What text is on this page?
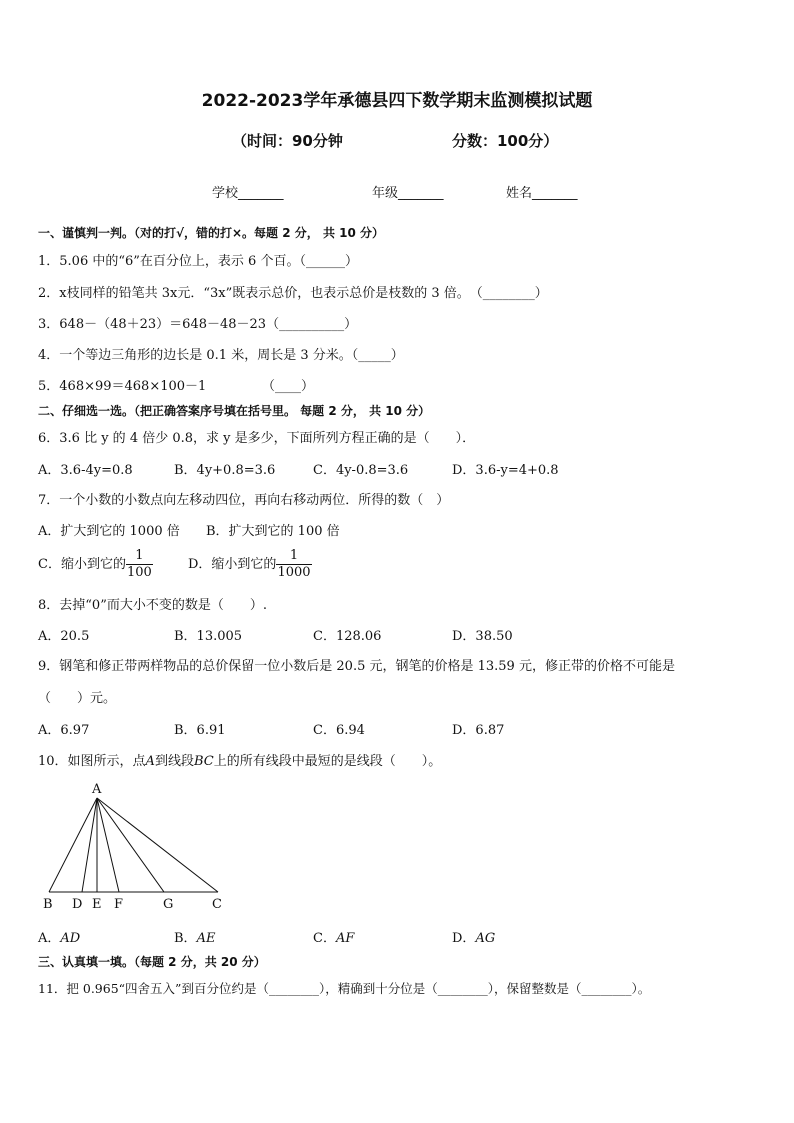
2022-2023学年承德县四下数学期末监测模拟试题
（时间：90分钟	分数：100分）
学校_______	年级_______	姓名_______
一、谨慎判一判。（对的打√，错的打×。每题 2 分， 共 10 分）
1．5.06 中的“6”在百分位上，表示 6 个百。（______）
2．x枝同样的铅笔共 3x元．“3x”既表示总价，也表示总价是枝数的 3 倍。　（________）
3．648－（48＋23）＝648－48－23（__________）
4．一个等边三角形的边长是 0.1 米，周长是 3 分米。（_____）
5．468×99＝468×100－1	（____）
二、仔细选一选。（把正确答案序号填在括号里。 每题 2 分， 共 10 分）
6．3.6 比 y 的 4 倍少 0.8，求 y 是多少，下面所列方程正确的是（　　）．
A．3.6-4y=0.8	B．4y+0.8=3.6	C．4y-0.8=3.6	D．3.6-y=4+0.8
7．一个小数的小数点向左移动四位，再向右移动两位．所得的数（　）
A．扩大到它的 1000 倍 B．扩大到它的 100 倍
C．缩小到它的 $\frac{1}{100}$	D．缩小到它的 $\frac{1}{1000}$
8．去掉“0”而大小不变的数是（　　）.
A．20.5	B．13.005	C．128.06	D．38.50
9．钢笔和修正带两样物品的总价保留一位小数后是 20.5 元，钢笔的价格是 13.59 元，修正带的价格不可能是
（　　）元。
A．6.97	B．6.91	C．6.94	D．6.87
10．如图所示，点A到线段BC上的所有线段中最短的是线段（　　）。
A
B D E F	G	C
A．AD	B．AE	C．AF	D．AG
三、认真填一填。（每题 2 分，共 20 分）
11．把 0.965“四舍五入”到百分位约是（________），精确到十分位是（________），保留整数是（________）。
